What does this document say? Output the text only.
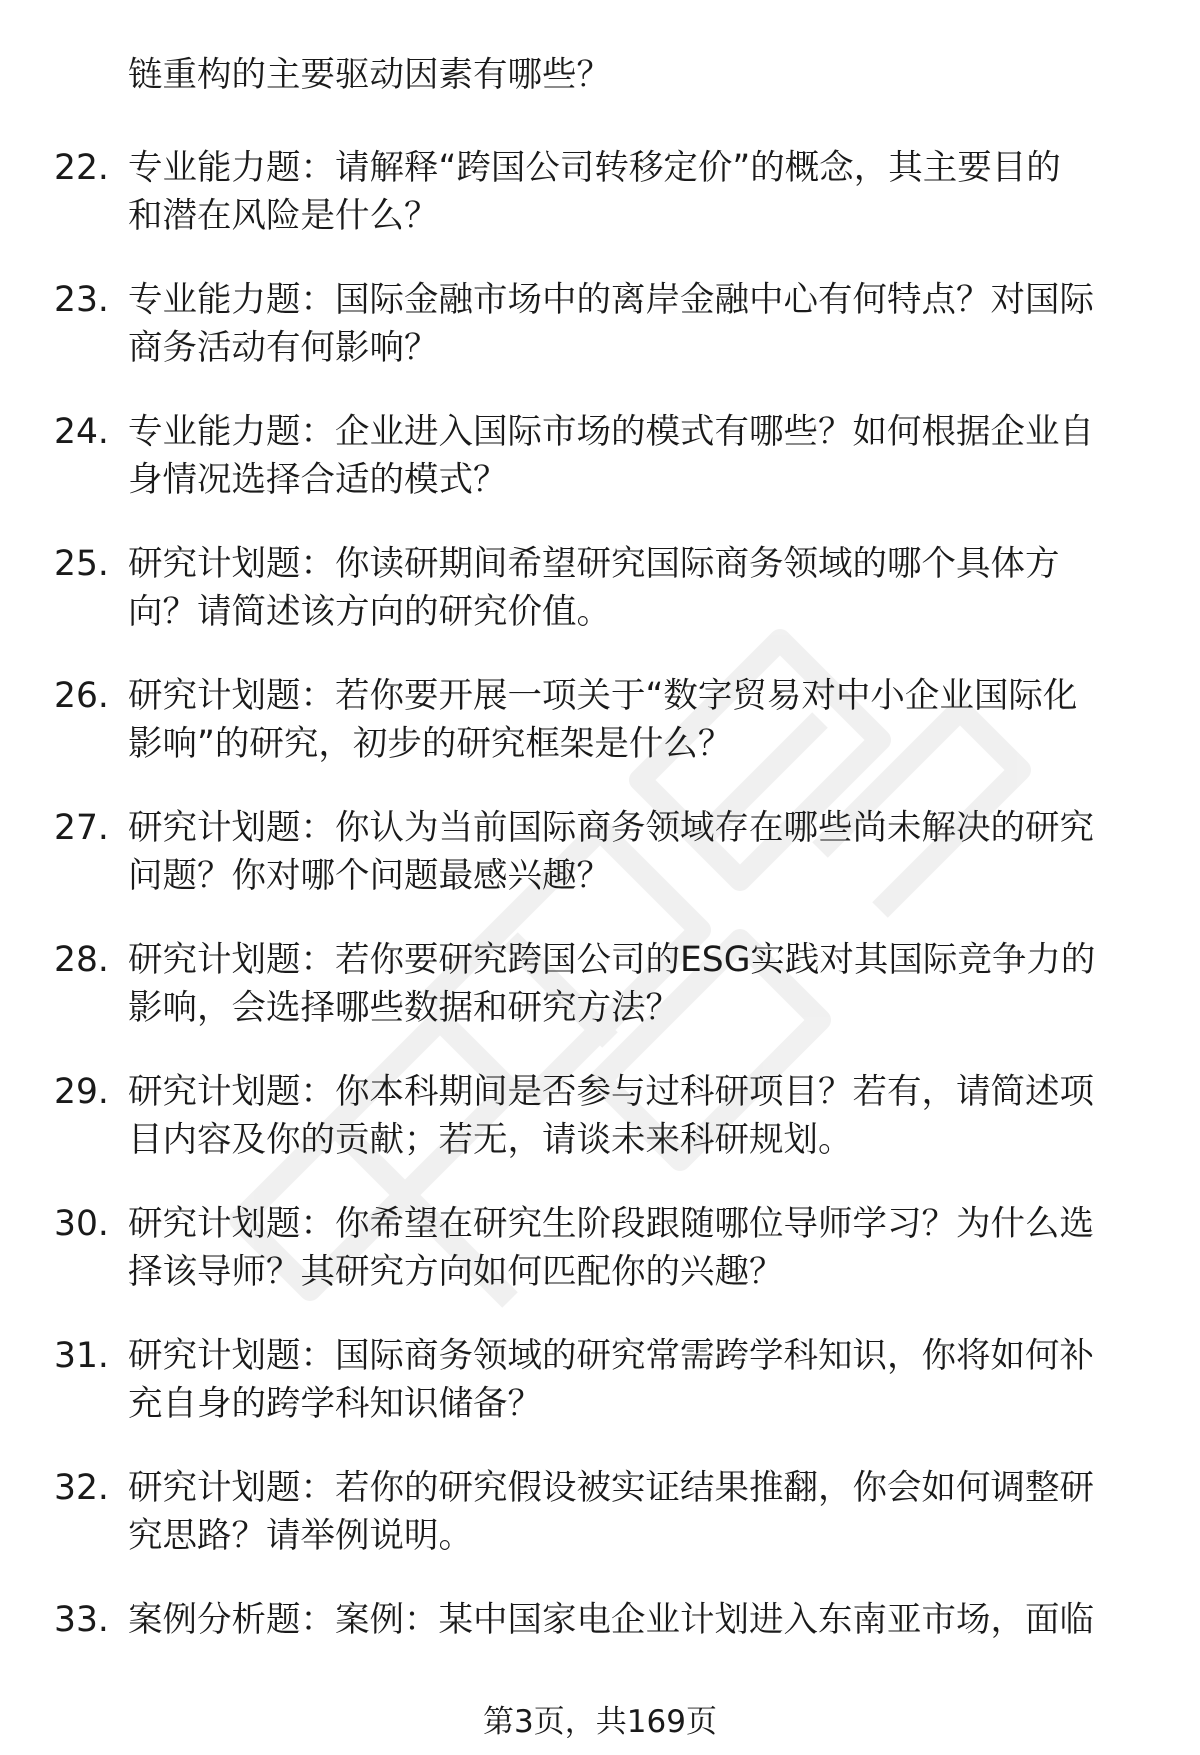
链重构的主要驱动因素有哪些？
22. 专业能力题：请解释“跨国公司转移定价”的概念，其主要目的
和潜在风险是什么？
23. 专业能力题：国际金融市场中的离岸金融中心有何特点？对国际
商务活动有何影响？
24. 专业能力题：企业进入国际市场的模式有哪些？如何根据企业自
身情况选择合适的模式？
25. 研究计划题：你读研期间希望研究国际商务领域的哪个具体方
向？请简述该方向的研究价值。
26. 研究计划题：若你要开展一项关于“数字贸易对中小企业国际化
影响”的研究，初步的研究框架是什么？
27. 研究计划题：你认为当前国际商务领域存在哪些尚未解决的研究
问题？你对哪个问题最感兴趣？
28. 研究计划题：若你要研究跨国公司的ESG实践对其国际竞争力的
影响，会选择哪些数据和研究方法？
29. 研究计划题：你本科期间是否参与过科研项目？若有，请简述项
目内容及你的贡献；若无，请谈未来科研规划。
30. 研究计划题：你希望在研究生阶段跟随哪位导师学习？为什么选
择该导师？其研究方向如何匹配你的兴趣？
31. 研究计划题：国际商务领域的研究常需跨学科知识，你将如何补
充自身的跨学科知识储备？
32. 研究计划题：若你的研究假设被实证结果推翻，你会如何调整研
究思路？请举例说明。
33. 案例分析题：案例：某中国家电企业计划进入东南亚市场，面临
第3页，共169页
